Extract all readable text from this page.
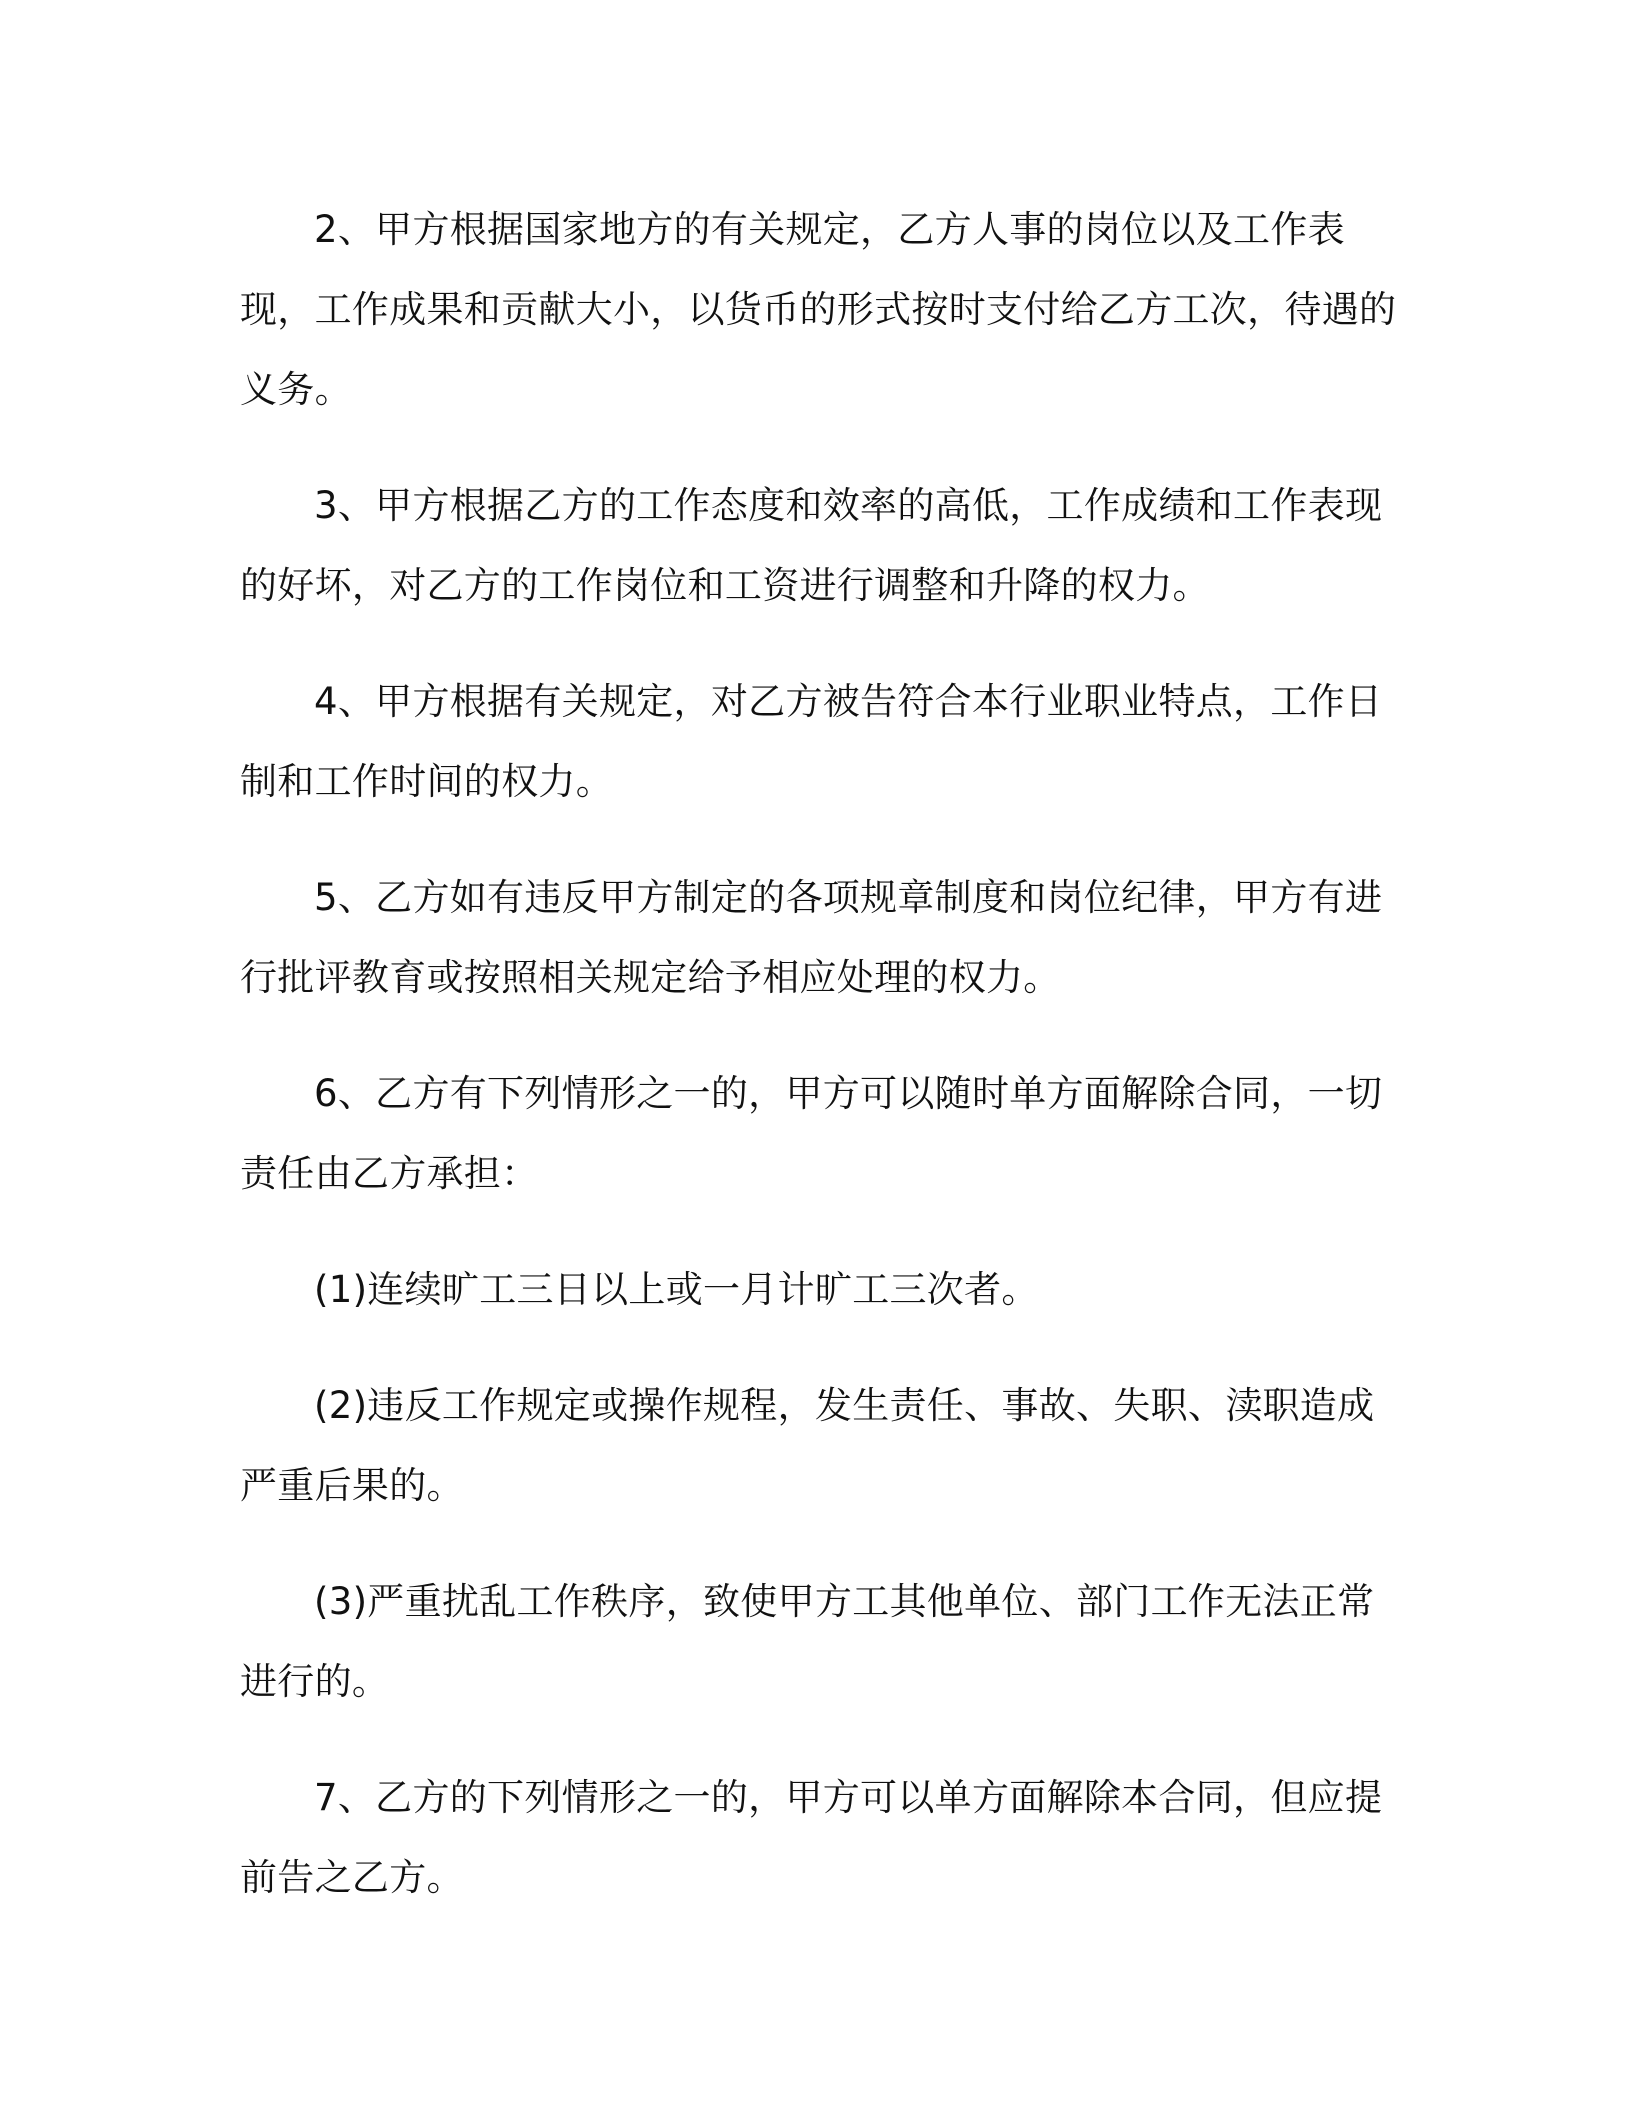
2、甲方根据国家地方的有关规定，乙方人事的岗位以及工作表现，工作成果和贡献大小，以货币的形式按时支付给乙方工次，待遇的义务。

3、甲方根据乙方的工作态度和效率的高低，工作成绩和工作表现的好坏，对乙方的工作岗位和工资进行调整和升降的权力。

4、甲方根据有关规定，对乙方被告符合本行业职业特点，工作日制和工作时间的权力。

5、乙方如有违反甲方制定的各项规章制度和岗位纪律，甲方有进行批评教育或按照相关规定给予相应处理的权力。

6、乙方有下列情形之一的，甲方可以随时单方面解除合同，一切责任由乙方承担：

(1)连续旷工三日以上或一月计旷工三次者。

(2)违反工作规定或操作规程，发生责任、事故、失职、渎职造成严重后果的。

(3)严重扰乱工作秩序，致使甲方工其他单位、部门工作无法正常进行的。

7、乙方的下列情形之一的，甲方可以单方面解除本合同，但应提前告之乙方。
